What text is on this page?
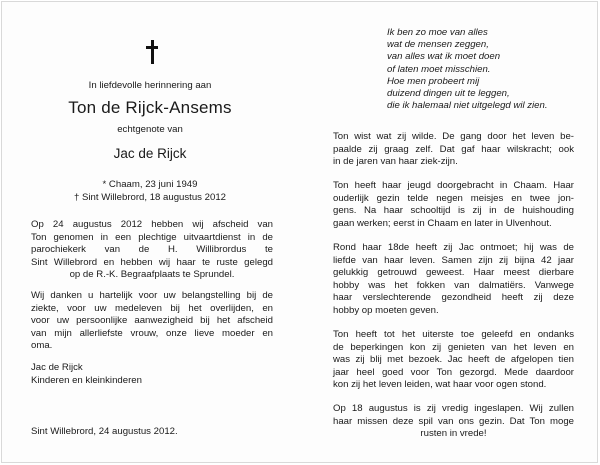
In liefdevolle herinnering aan
Ton de Rijck-Ansems
echtgenote van
Jac de Rijck
* Chaam, 23 juni 1949
† Sint Willebrord, 18 augustus 2012
Op 24 augustus 2012 hebben wij afscheid van
Ton genomen in een plechtige uitvaartdienst in de
parochiekerk van de H. Willibrordus te
Sint Willebrord en hebben wij haar te ruste gelegd
op de R.-K. Begraafplaats te Sprundel.
Wij danken u hartelijk voor uw belangstelling bij de
ziekte, voor uw medeleven bij het overlijden, en
voor uw persoonlijke aanwezigheid bij het afscheid
van mijn allerliefste vrouw, onze lieve moeder en
oma.
Jac de Rijck
Kinderen en kleinkinderen
Sint Willebrord, 24 augustus 2012.
Ik ben zo moe van alles
wat de mensen zeggen,
van alles wat ik moet doen
of laten moet misschien.
Hoe men probeert mij
duizend dingen uit te leggen,
die ik halemaal niet uitgelegd wil zien.
Ton wist wat zij wilde. De gang door het leven be-
paalde zij graag zelf. Dat gaf haar wilskracht; ook
in de jaren van haar ziek-zijn.
Ton heeft haar jeugd doorgebracht in Chaam. Haar
ouderlijk gezin telde negen meisjes en twee jon-
gens. Na haar schooltijd is zij in de huishouding
gaan werken; eerst in Chaam en later in Ulvenhout.
Rond haar 18de heeft zij Jac ontmoet; hij was de
liefde van haar leven. Samen zijn zij bijna 42 jaar
gelukkig getrouwd geweest. Haar meest dierbare
hobby was het fokken van dalmatiërs. Vanwege
haar verslechterende gezondheid heeft zij deze
hobby op moeten geven.
Ton heeft tot het uiterste toe geleefd en ondanks
de beperkingen kon zij genieten van het leven en
was zij blij met bezoek. Jac heeft de afgelopen tien
jaar heel goed voor Ton gezorgd. Mede daardoor
kon zij het leven leiden, wat haar voor ogen stond.
Op 18 augustus is zij vredig ingeslapen. Wij zullen
haar missen deze spil van ons gezin. Dat Ton moge
rusten in vrede!
